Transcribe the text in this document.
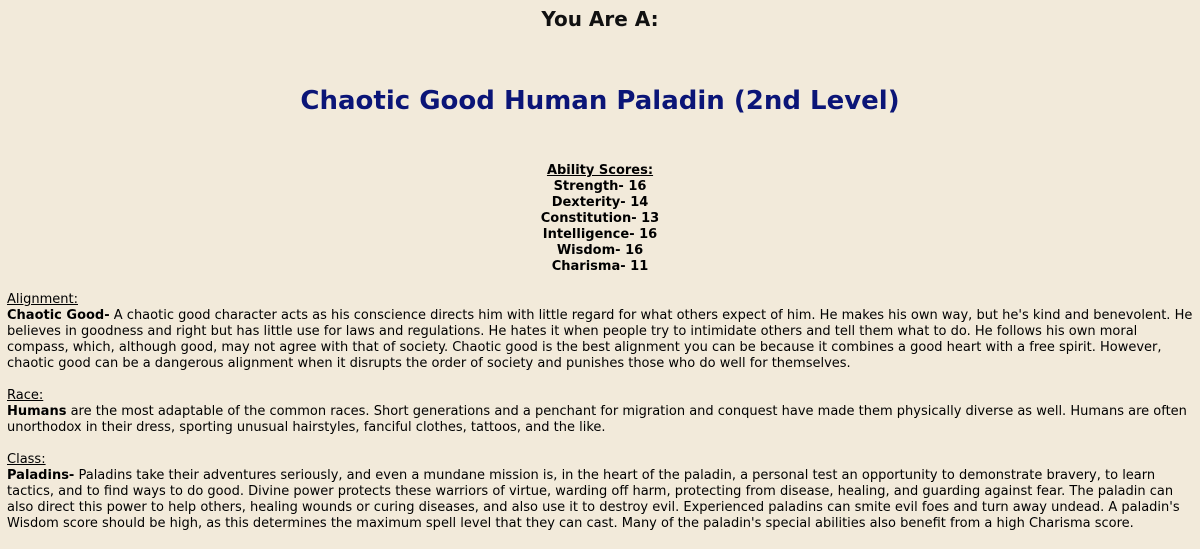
You Are A:
Chaotic Good Human Paladin (2nd Level)
Ability Scores:
Strength- 16
Dexterity- 14
Constitution- 13
Intelligence- 16
Wisdom- 16
Charisma- 11
Alignment:
Chaotic Good- A chaotic good character acts as his conscience directs him with little regard for what others expect of him. He makes his own way, but he's kind and benevolent. He believes in goodness and right but has little use for laws and regulations. He hates it when people try to intimidate others and tell them what to do. He follows his own moral compass, which, although good, may not agree with that of society. Chaotic good is the best alignment you can be because it combines a good heart with a free spirit. However, chaotic good can be a dangerous alignment when it disrupts the order of society and punishes those who do well for themselves.
Race:
Humans are the most adaptable of the common races. Short generations and a penchant for migration and conquest have made them physically diverse as well. Humans are often unorthodox in their dress, sporting unusual hairstyles, fanciful clothes, tattoos, and the like.
Class:
Paladins- Paladins take their adventures seriously, and even a mundane mission is, in the heart of the paladin, a personal test an opportunity to demonstrate bravery, to learn tactics, and to find ways to do good. Divine power protects these warriors of virtue, warding off harm, protecting from disease, healing, and guarding against fear. The paladin can also direct this power to help others, healing wounds or curing diseases, and also use it to destroy evil. Experienced paladins can smite evil foes and turn away undead. A paladin's Wisdom score should be high, as this determines the maximum spell level that they can cast. Many of the paladin's special abilities also benefit from a high Charisma score.
